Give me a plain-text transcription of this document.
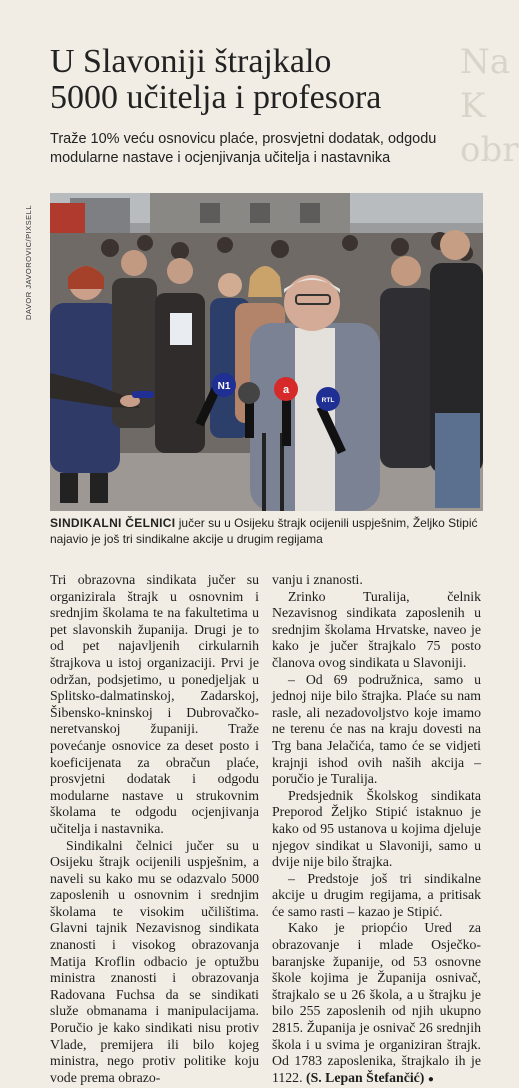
Na
K
obr
U Slavoniji štrajkalo
5000 učitelja i profesora

Traže 10% veću osnovicu plaće, prosvjetni dodatak, odgodu modularne nastave i ocjenjivanja učitelja i nastavnika

DAVOR JAVOROVIC/PIXSELL
N1	a
RTL

SINDIKALNI ČELNICI jučer su u Osijeku štrajk ocijenili uspješnim, Željko Stipić najavio je još tri sindikalne akcije u drugim regijama

Tri obrazovna sindikata jučer su organizirala štrajk u osnovnim i srednjim školama te na fakultetima u pet slavonskih županija. Drugi je to od pet najavljenih cirkularnih štrajkova u istoj organizaciji. Prvi je održan, podsjetimo, u ponedjeljak u Splitsko-dalmatinskoj, Zadarskoj, Šibensko-kninskoj i Dubrovačko-neretvanskoj županiji. Traže povećanje osnovice za deset posto i koeficijenata za obračun plaće, prosvjetni dodatak i odgodu modularne nastave u strukovnim školama te odgodu ocjenjivanja učitelja i nastavnika.

Sindikalni čelnici jučer su u Osijeku štrajk ocijenili uspješnim, a naveli su kako mu se odazvalo 5000 zaposlenih u osnovnim i srednjim školama te visokim učilištima. Glavni tajnik Nezavisnog sindikata znanosti i visokog obrazovanja Matija Kroflin odbacio je optužbu ministra znanosti i obrazovanja Radovana Fuchsa da se sindikati služe obmanama i manipulacijama. Poručio je kako sindikati nisu protiv Vlade, premijera ili bilo kojeg ministra, nego protiv politike koju vode prema obrazo-

vanju i znanosti.

Zrinko Turalija, čelnik Nezavisnog sindikata zaposlenih u srednjim školama Hrvatske, naveo je kako je jučer štrajkalo 75 posto članova ovog sindikata u Slavoniji.

– Od 69 podružnica, samo u jednoj nije bilo štrajka. Plaće su nam rasle, ali nezadovoljstvo koje imamo ne terenu će nas na kraju dovesti na Trg bana Jelačića, tamo će se vidjeti krajnji ishod ovih naših akcija – poručio je Turalija.

Predsjednik Školskog sindikata Preporod Željko Stipić istaknuo je kako od 95 ustanova u kojima djeluje njegov sindikat u Slavoniji, samo u dvije nije bilo štrajka.

– Predstoje još tri sindikalne akcije u drugim regijama, a pritisak će samo rasti – kazao je Stipić.

Kako je priopćio Ured za obrazovanje i mlade Osječko-baranjske županije, od 53 osnovne škole kojima je Županija osnivač, štrajkalo se u 26 škola, a u štrajku je bilo 255 zaposlenih od njih ukupno 2815. Županija je osnivač 26 srednjih škola i u svima je organiziran štrajk. Od 1783 zaposlenika, štrajkalo ih je 1122. (S. Lepan Štefančić) ●
